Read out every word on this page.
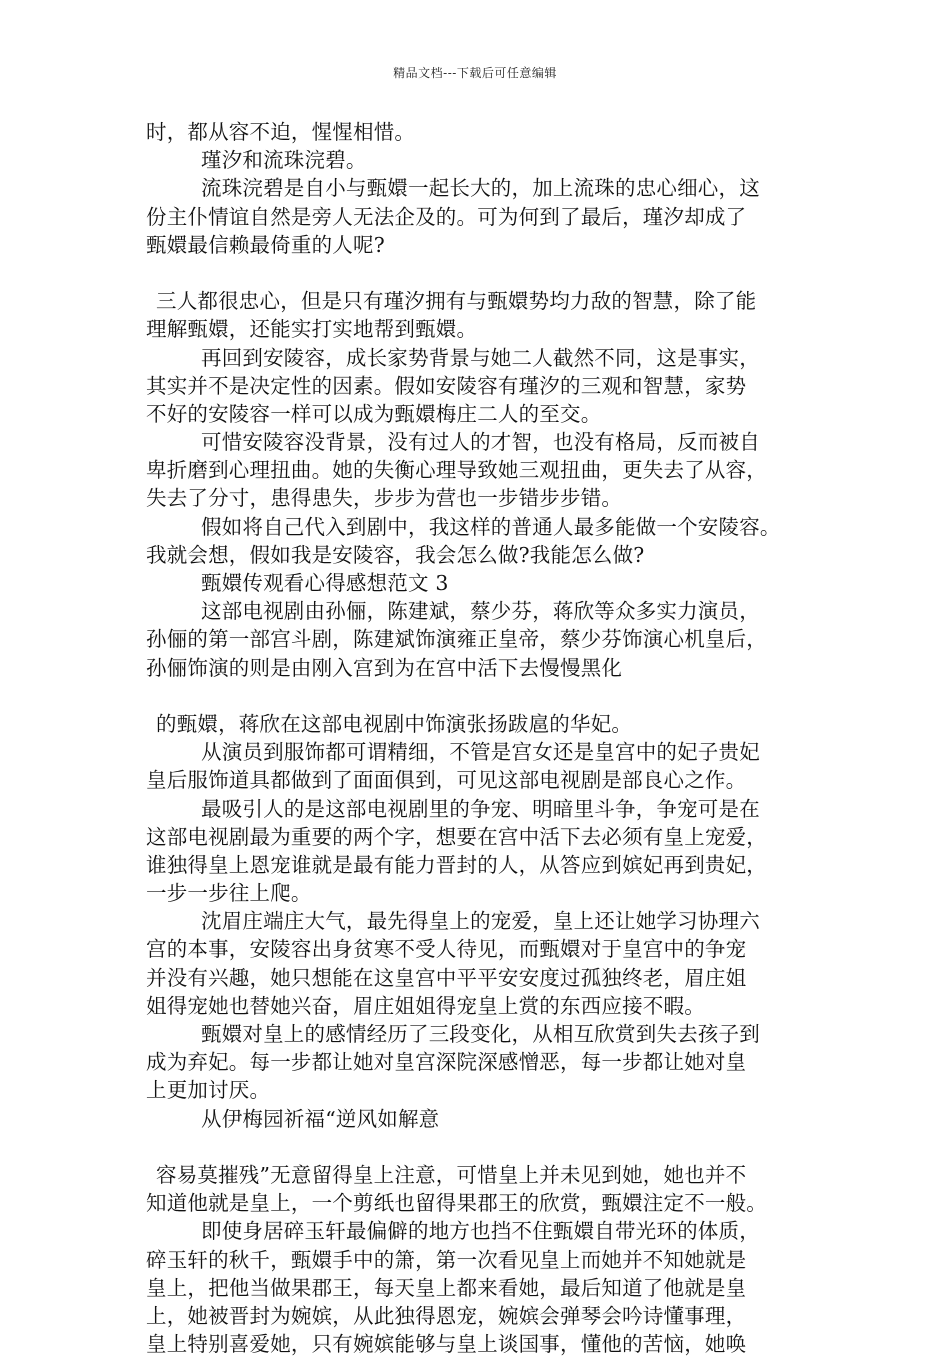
精品文档---下载后可任意编辑
时，都从容不迫，惺惺相惜。
瑾汐和流珠浣碧。
流珠浣碧是自小与甄嬛一起长大的，加上流珠的忠心细心，这
份主仆情谊自然是旁人无法企及的。可为何到了最后，瑾汐却成了
甄嬛最信赖最倚重的人呢?
三人都很忠心，但是只有瑾汐拥有与甄嬛势均力敌的智慧，除了能
理解甄嬛，还能实打实地帮到甄嬛。
再回到安陵容，成长家势背景与她二人截然不同，这是事实，
其实并不是决定性的因素。假如安陵容有瑾汐的三观和智慧，家势
不好的安陵容一样可以成为甄嬛梅庄二人的至交。
可惜安陵容没背景，没有过人的才智，也没有格局，反而被自
卑折磨到心理扭曲。她的失衡心理导致她三观扭曲，更失去了从容，
失去了分寸，患得患失，步步为营也一步错步步错。
假如将自己代入到剧中，我这样的普通人最多能做一个安陵容。
我就会想，假如我是安陵容，我会怎么做?我能怎么做?
甄嬛传观看心得感想范文 3
这部电视剧由孙俪，陈建斌，蔡少芬，蒋欣等众多实力演员，
孙俪的第一部宫斗剧，陈建斌饰演雍正皇帝，蔡少芬饰演心机皇后，
孙俪饰演的则是由刚入宫到为在宫中活下去慢慢黑化
的甄嬛，蒋欣在这部电视剧中饰演张扬跋扈的华妃。
从演员到服饰都可谓精细，不管是宫女还是皇宫中的妃子贵妃
皇后服饰道具都做到了面面俱到，可见这部电视剧是部良心之作。
最吸引人的是这部电视剧里的争宠、明暗里斗争，争宠可是在
这部电视剧最为重要的两个字，想要在宫中活下去必须有皇上宠爱，
谁独得皇上恩宠谁就是最有能力晋封的人，从答应到嫔妃再到贵妃，
一步一步往上爬。
沈眉庄端庄大气，最先得皇上的宠爱，皇上还让她学习协理六
宫的本事，安陵容出身贫寒不受人待见，而甄嬛对于皇宫中的争宠
并没有兴趣，她只想能在这皇宫中平平安安度过孤独终老，眉庄姐
姐得宠她也替她兴奋，眉庄姐姐得宠皇上赏的东西应接不暇。
甄嬛对皇上的感情经历了三段变化，从相互欣赏到失去孩子到
成为弃妃。每一步都让她对皇宫深院深感憎恶，每一步都让她对皇
上更加讨厌。
从伊梅园祈福“逆风如解意
容易莫摧残”无意留得皇上注意，可惜皇上并未见到她，她也并不
知道他就是皇上，一个剪纸也留得果郡王的欣赏，甄嬛注定不一般。
即使身居碎玉轩最偏僻的地方也挡不住甄嬛自带光环的体质，
碎玉轩的秋千，甄嬛手中的箫，第一次看见皇上而她并不知她就是
皇上，把他当做果郡王，每天皇上都来看她，最后知道了他就是皇
上，她被晋封为婉嫔，从此独得恩宠，婉嫔会弹琴会吟诗懂事理，
皇上特别喜爱她，只有婉嫔能够与皇上谈国事，懂他的苦恼，她唤
